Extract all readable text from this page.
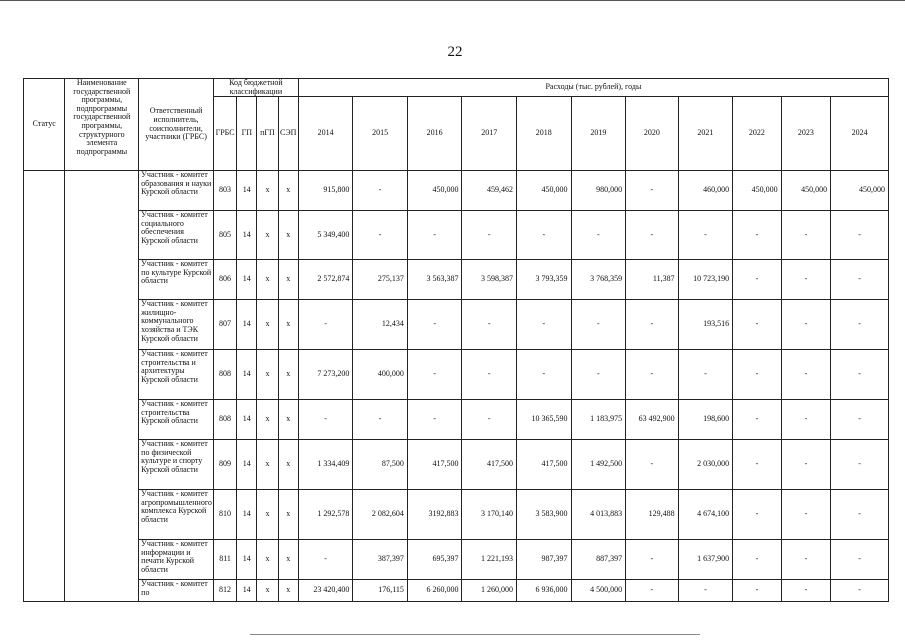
22
Статус	Наименование государственной программы, подпрограммы государственной программы, структурного элемента подпрограммы	Ответственный исполнитель, соисполнители, участники (ГРБС)	Код бюджетной классификации				Расходы (тыс. рублей), годы										
			ГРБС	ГП	пГП	СЭП	2014	2015	2016	2017	2018	2019	2020	2021	2022	2023	2024
		Участник - комитет образования и науки Курской области	803	14	x	x	915,800	-	450,000	459,462	450,000	980,000	-	460,000	450,000	450,000	450,000
		Участник - комитет социального обеспечения Курской области	805	14	x	x	5 349,400	-	-	-	-	-	-	-	-	-	-
		Участник - комитет по культуре Курской области	806	14	x	x	2 572,874	275,137	3 563,387	3 598,387	3 793,359	3 768,359	11,387	10 723,190	-	-	-
		Участник - комитет жилищно-коммунального хозяйства и ТЭК Курской области	807	14	x	x	-	12,434	-	-	-	-	-	193,516	-	-	-
		Участник - комитет строительства и архитектуры Курской области	808	14	x	x	7 273,200	400,000	-	-	-	-	-	-	-	-	-
		Участник - комитет строительства Курской области	808	14	x	x	-	-	-	-	10 365,590	1 183,975	63 492,900	198,600	-	-	-
		Участник - комитет по физической культуре и спорту Курской области	809	14	x	x	1 334,409	87,500	417,500	417,500	417,500	1 492,500	-	2 030,000	-	-	-
		Участник - комитет агропромышленного комплекса Курской области	810	14	x	x	1 292,578	2 082,604	3192,883	3 170,140	3 583,900	4 013,883	129,488	4 674,100	-	-	-
		Участник - комитет информации и печати Курской области	811	14	x	x	-	387,397	695,397	1 221,193	987,397	887,397	-	1 637,900	-	-	-
		Участник - комитет по	812	14	x	x	23 420,400	176,115	6 260,000	1 260,000	6 936,000	4 500,000	-	-	-	-	-
